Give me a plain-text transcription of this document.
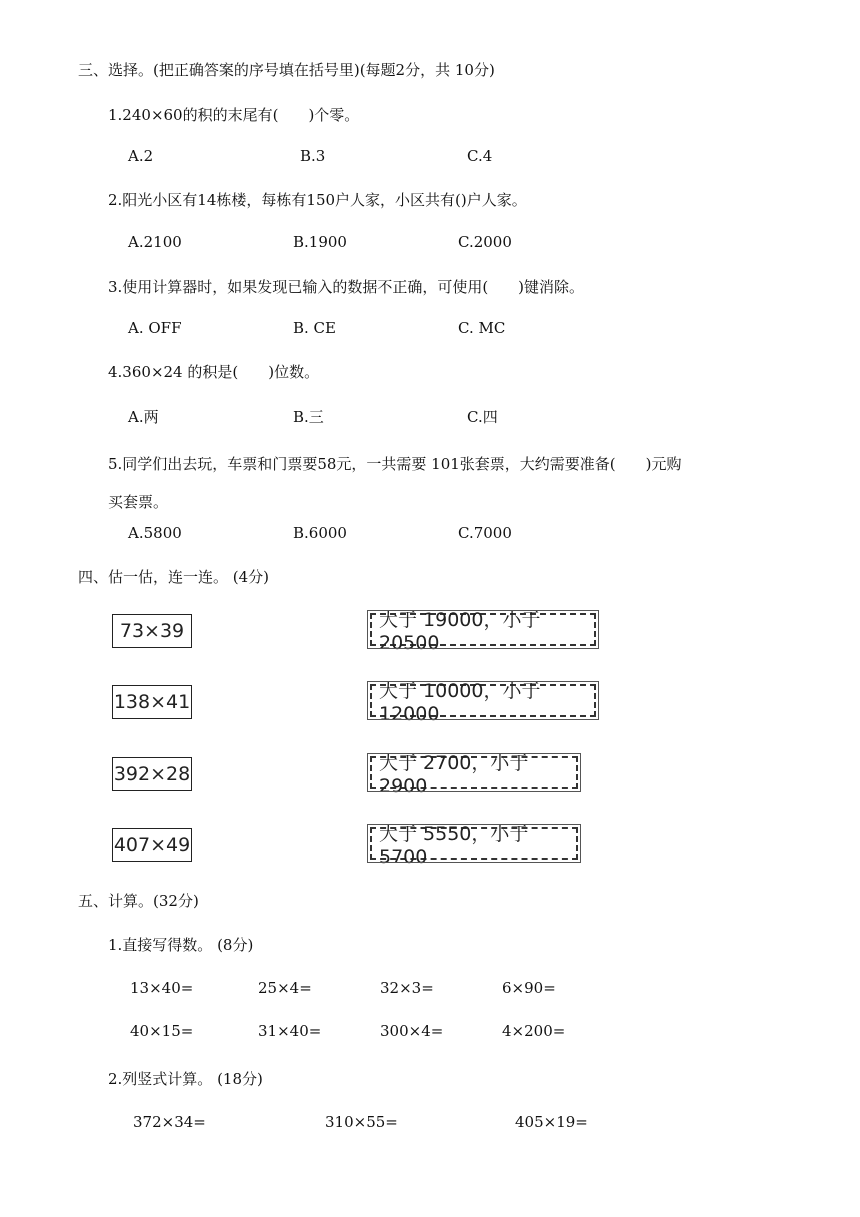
三、选择。(把正确答案的序号填在括号里)(每题2分，共 10分)
1.240×60的积的末尾有(　　)个零。
A.2	B.3	C.4
2.阳光小区有14栋楼，每栋有150户人家，小区共有()户人家。
A.2100	B.1900	C.2000
3.使用计算器时，如果发现已输入的数据不正确，可使用(　　)键消除。
A. OFF	B. CE	C. MC
4.360×24 的积是(　　)位数。
A.两	B.三	C.四
5.同学们出去玩，车票和门票要58元，一共需要 101张套票，大约需要准备(　　)元购
买套票。
A.5800	B.6000	C.7000
四、估一估，连一连。 (4分)
73×39
138×41
392×28
407×49
大于 19000，小于 20500
大于 10000，小于 12000
大于 2700，小于 2900
大于 5550，小于 5700
五、计算。(32分)
1.直接写得数。 (8分)
13×40=	25×4=	32×3=	6×90=
40×15=	31×40=	300×4=	4×200=
2.列竖式计算。 (18分)
372×34=	310×55=	405×19=
